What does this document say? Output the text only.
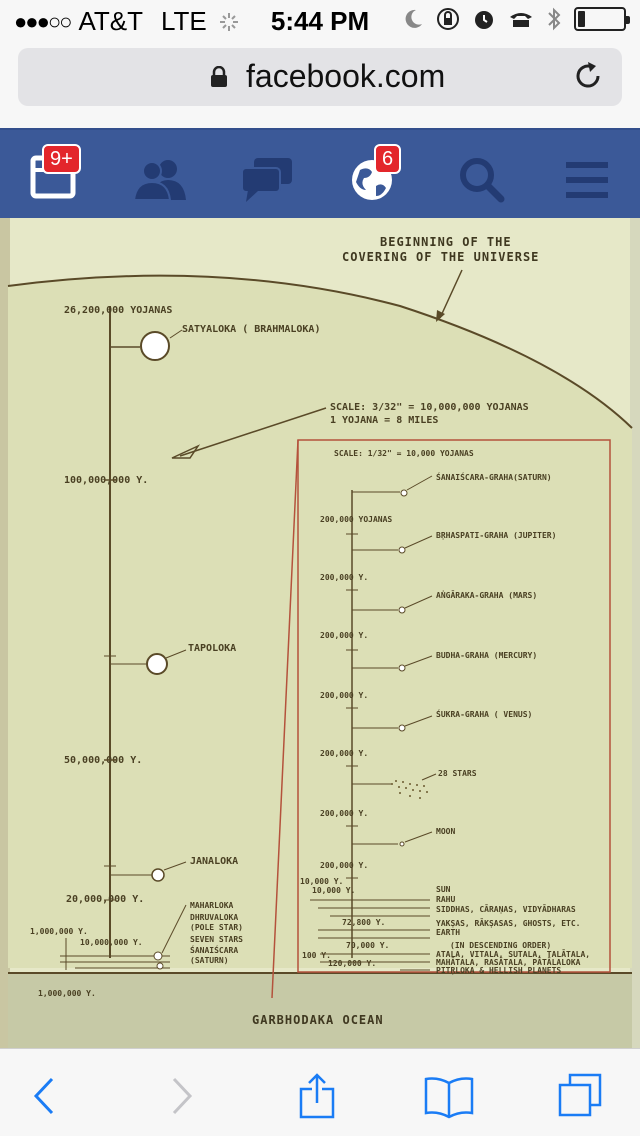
●●●○○ AT&T LTE	5:44 PM
facebook.com
9+	6
BEGINNING OF THE
COVERING OF THE UNIVERSE
26,200,000 YOJANAS
SATYALOKA ( BRAHMALOKA)
SCALE: 3/32" = 10,000,000 YOJANAS
1 YOJANA = 8 MILES
100,000,000 Y.
TAPOLOKA
50,000,000 Y.
JANALOKA
20,000,000 Y.
1,000,000 Y.
10,000,000 Y.
MAHARLOKA
DHRUVALOKA
(POLE STAR)
SEVEN STARS
ŚANAIŚCARA
(SATURN)
1,000,000 Y.
SCALE: 1/32" = 10,000 YOJANAS
ŚANAIŚCARA-GRAHA(SATURN)
200,000 YOJANAS
BṚHASPATI-GRAHA (JUPITER)
200,000 Y.
AṄGĀRAKA-GRAHA (MARS)
200,000 Y.
BUDHA-GRAHA (MERCURY)
200,000 Y.
ŚUKRA-GRAHA ( VENUS)
200,000 Y.
28 STARS
200,000 Y.
MOON
200,000 Y.
10,000 Y.
10,000 Y.
72,800 Y.
70,000 Y.
100 Y.
120,000 Y.
SUN
RAHU
SIDDHAS, CĀRAṆAS, VIDYĀDHARAS
YAKṢAS, RĀKṢASAS, GHOSTS, ETC.
EARTH
(IN DESCENDING ORDER)
ATALA, VITALA, SUTALA, TALĀTALA,
MAHĀTALA, RASĀTALA, PĀTĀLALOKA
PITṚLOKA & HELLISH PLANETS
GARBHODAKA OCEAN
